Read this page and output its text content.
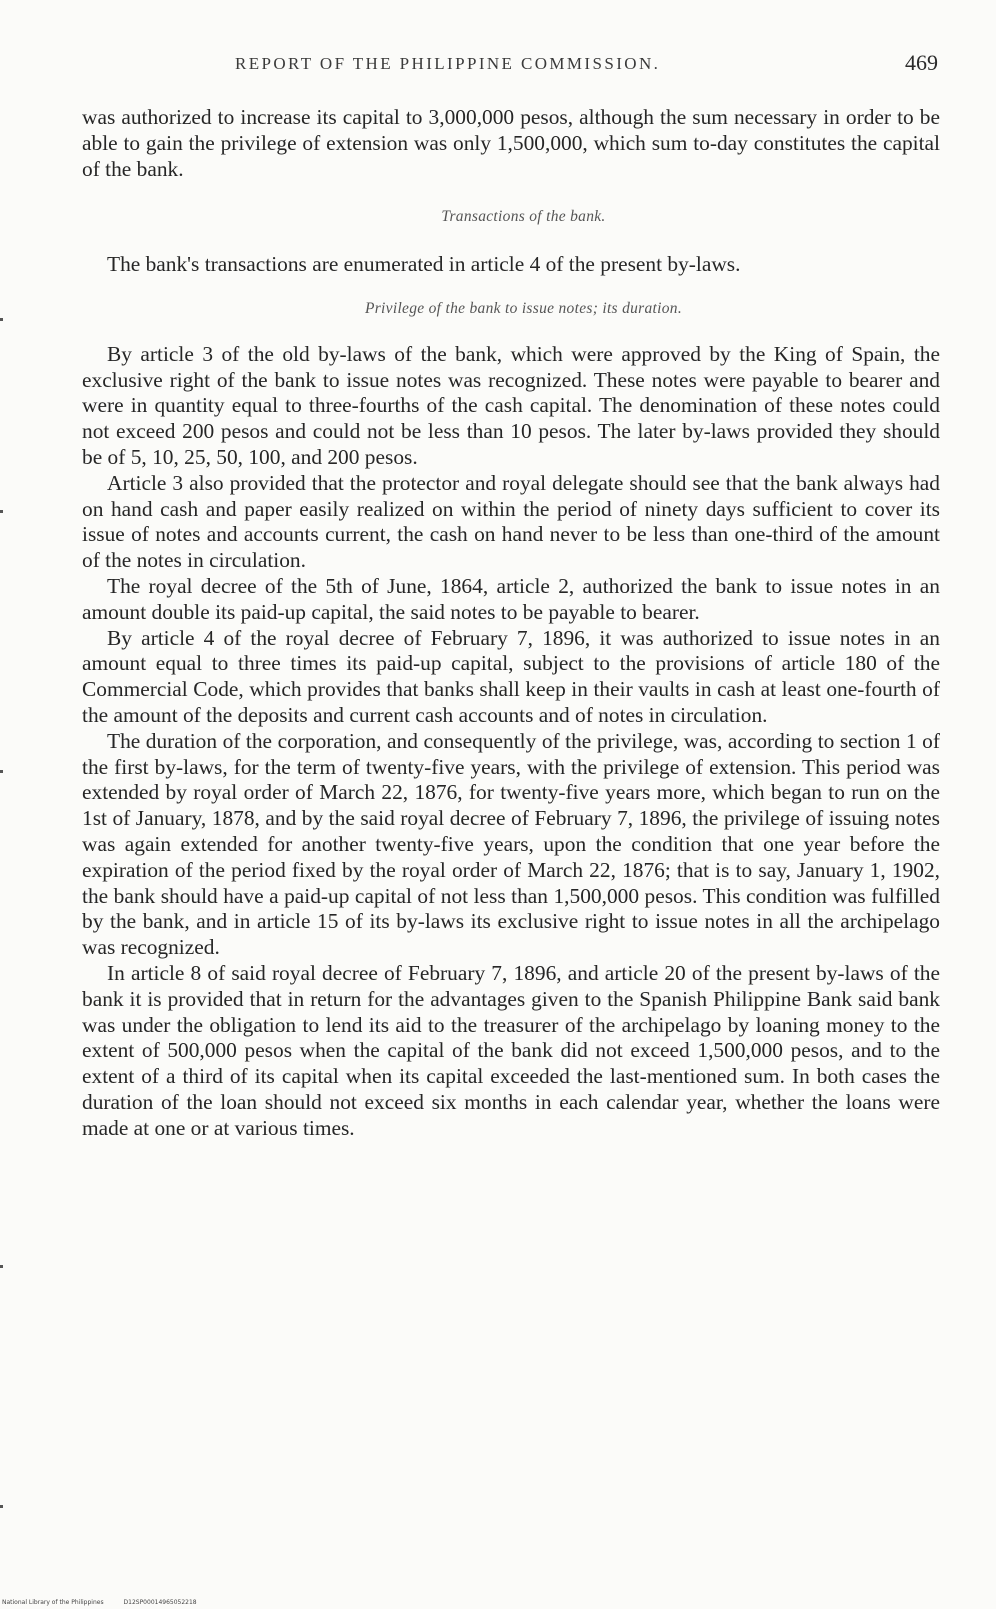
REPORT OF THE PHILIPPINE COMMISSION.	469

was authorized to increase its capital to 3,000,000 pesos, although the sum necessary in order to be able to gain the privilege of extension was only 1,500,000, which sum to-day constitutes the capital of the bank.

Transactions of the bank.

The bank's transactions are enumerated in article 4 of the present by-laws.

Privilege of the bank to issue notes; its duration.

By article 3 of the old by-laws of the bank, which were approved by the King of Spain, the exclusive right of the bank to issue notes was recognized. These notes were payable to bearer and were in quantity equal to three-fourths of the cash capital. The denomination of these notes could not exceed 200 pesos and could not be less than 10 pesos. The later by-laws provided they should be of 5, 10, 25, 50, 100, and 200 pesos.

Article 3 also provided that the protector and royal delegate should see that the bank always had on hand cash and paper easily realized on within the period of ninety days sufficient to cover its issue of notes and accounts current, the cash on hand never to be less than one-third of the amount of the notes in circulation.

The royal decree of the 5th of June, 1864, article 2, authorized the bank to issue notes in an amount double its paid-up capital, the said notes to be payable to bearer.

By article 4 of the royal decree of February 7, 1896, it was authorized to issue notes in an amount equal to three times its paid-up capital, subject to the provisions of article 180 of the Commercial Code, which provides that banks shall keep in their vaults in cash at least one-fourth of the amount of the deposits and current cash accounts and of notes in circulation.

The duration of the corporation, and consequently of the privilege, was, according to section 1 of the first by-laws, for the term of twenty-five years, with the privilege of extension. This period was extended by royal order of March 22, 1876, for twenty-five years more, which began to run on the 1st of January, 1878, and by the said royal decree of February 7, 1896, the privilege of issuing notes was again extended for another twenty-five years, upon the condition that one year before the expiration of the period fixed by the royal order of March 22, 1876; that is to say, January 1, 1902, the bank should have a paid-up capital of not less than 1,500,000 pesos. This condition was fulfilled by the bank, and in article 15 of its by-laws its exclusive right to issue notes in all the archipelago was recognized.

In article 8 of said royal decree of February 7, 1896, and article 20 of the present by-laws of the bank it is provided that in return for the advantages given to the Spanish Philippine Bank said bank was under the obligation to lend its aid to the treasurer of the archipelago by loaning money to the extent of 500,000 pesos when the capital of the bank did not exceed 1,500,000 pesos, and to the extent of a third of its capital when its capital exceeded the last-mentioned sum. In both cases the duration of the loan should not exceed six months in each calendar year, whether the loans were made at one or at various times.

National Library of the Philippines	D12SP00014965052218
